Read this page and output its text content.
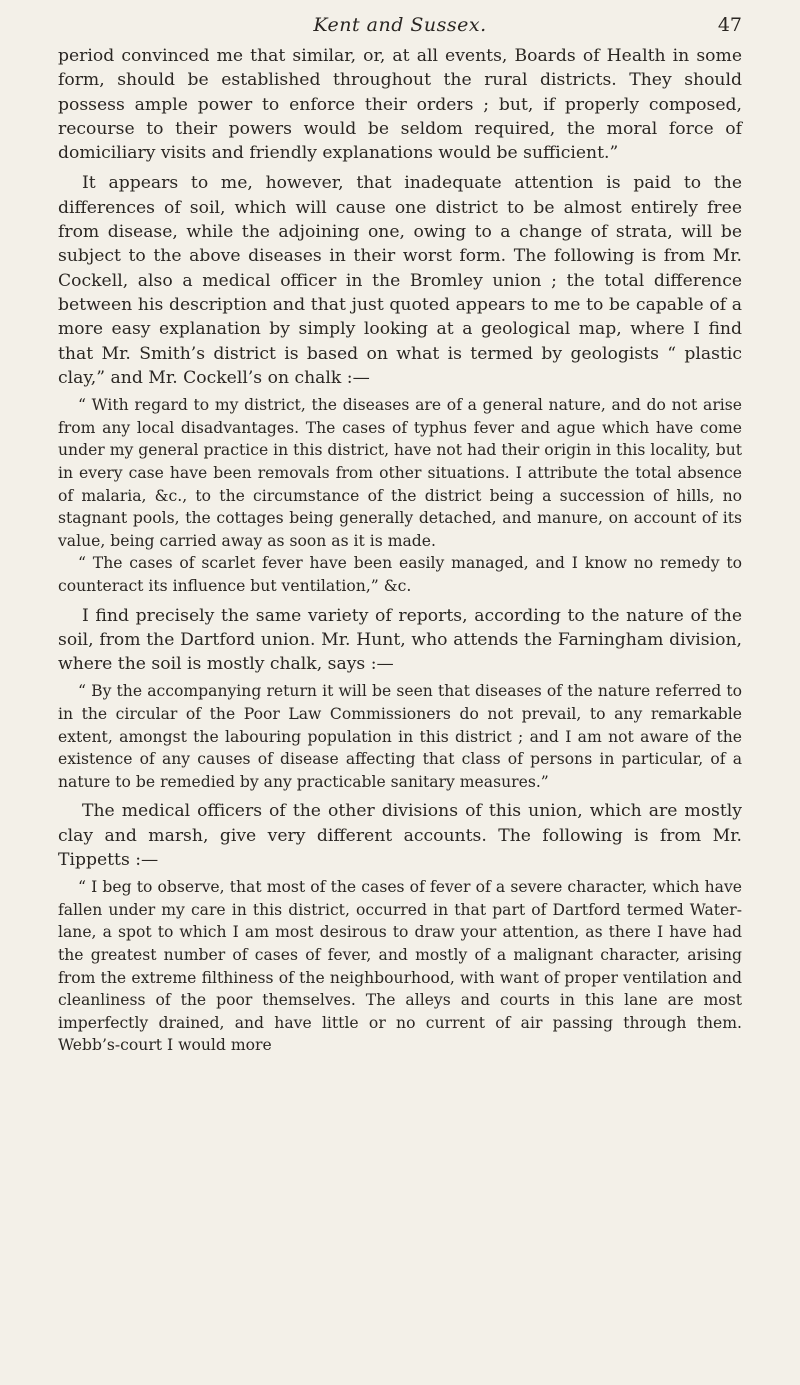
Kent and Sussex.	47

period convinced me that similar, or, at all events, Boards of Health in some form, should be established throughout the rural districts. They should possess ample power to enforce their orders ; but, if properly composed, recourse to their powers would be seldom required, the moral force of domiciliary visits and friendly explanations would be sufficient.”

It appears to me, however, that inadequate attention is paid to the differences of soil, which will cause one district to be almost entirely free from disease, while the adjoining one, owing to a change of strata, will be subject to the above diseases in their worst form. The following is from Mr. Cockell, also a medical officer in the Bromley union ; the total difference between his description and that just quoted appears to me to be capable of a more easy explanation by simply looking at a geological map, where I find that Mr. Smith’s district is based on what is termed by geologists “ plastic clay,” and Mr. Cockell’s on chalk :—

“ With regard to my district, the diseases are of a general nature, and do not arise from any local disadvantages. The cases of typhus fever and ague which have come under my general practice in this district, have not had their origin in this locality, but in every case have been removals from other situations. I attribute the total absence of malaria, &c., to the circumstance of the district being a succession of hills, no stagnant pools, the cottages being generally detached, and manure, on account of its value, being carried away as soon as it is made.

“ The cases of scarlet fever have been easily managed, and I know no remedy to counteract its influence but ventilation,” &c.

I find precisely the same variety of reports, according to the nature of the soil, from the Dartford union. Mr. Hunt, who attends the Farningham division, where the soil is mostly chalk, says :—

“ By the accompanying return it will be seen that diseases of the nature referred to in the circular of the Poor Law Commissioners do not prevail, to any remarkable extent, amongst the labouring population in this district ; and I am not aware of the existence of any causes of disease affecting that class of persons in particular, of a nature to be remedied by any practicable sanitary measures.”

The medical officers of the other divisions of this union, which are mostly clay and marsh, give very different accounts. The following is from Mr. Tippetts :—

“ I beg to observe, that most of the cases of fever of a severe character, which have fallen under my care in this district, occurred in that part of Dartford termed Water-lane, a spot to which I am most desirous to draw your attention, as there I have had the greatest number of cases of fever, and mostly of a malignant character, arising from the extreme filthiness of the neighbourhood, with want of proper ventilation and cleanliness of the poor themselves. The alleys and courts in this lane are most imperfectly drained, and have little or no current of air passing through them. Webb’s-court I would more
